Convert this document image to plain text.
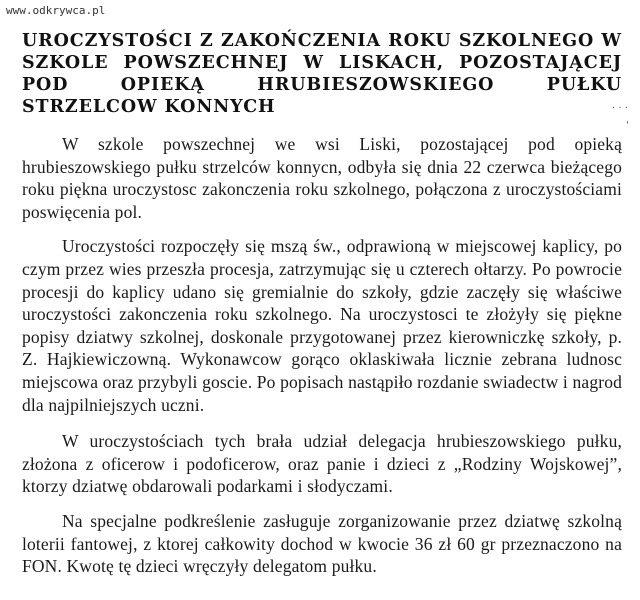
www.odkrywca.pl
. . .
'
UROCZYSTOŚCI Z ZAKOŃCZENIA ROKU SZKOLNEGO W SZKOLE POWSZECHNEJ W LISKACH, POZOSTAJĄCEJ POD OPIEKĄ HRUBIESZOWSKIEGO PUŁKU STRZELCOW KONNYCH

W szkole powszechnej we wsi Liski, pozostającej pod opieką hrubieszowskiego pułku strzelców konnycn, odbyła się dnia 22 czerwca bieżącego roku piękna uroczystosc zakonczenia roku szkolnego, połączona z uroczystościami poswięcenia pol.

Uroczystości rozpoczęły się mszą św., odprawioną w miejscowej kaplicy, po czym przez wies przeszła procesja, zatrzymując się u czterech ołtarzy. Po powrocie procesji do kaplicy udano się gremialnie do szkoły, gdzie zaczęły się właściwe uroczystości zakonczenia roku szkolnego. Na uroczystosci te złożyły się piękne popisy dziatwy szkolnej, doskonale przygotowanej przez kierowniczkę szkoły, p. Z. Hajkiewiczowną. Wykonawcow gorąco oklaskiwała licznie zebrana ludnosc miejscowa oraz przybyli goscie. Po popisach nastąpiło rozdanie swiadectw i nagrod dla najpilniejszych uczni.

W uroczystościach tych brała udział delegacja hrubieszowskiego pułku, złożona z oficerow i podoficerow, oraz panie i dzieci z „Rodziny Wojskowej”, ktorzy dziatwę obdarowali podarkami i słodyczami.

Na specjalne podkreślenie zasługuje zorganizowanie przez dziatwę szkolną loterii fantowej, z ktorej całkowity dochod w kwocie 36 zł 60 gr przeznaczono na FON. Kwotę tę dzieci wręczyły delegatom pułku.
